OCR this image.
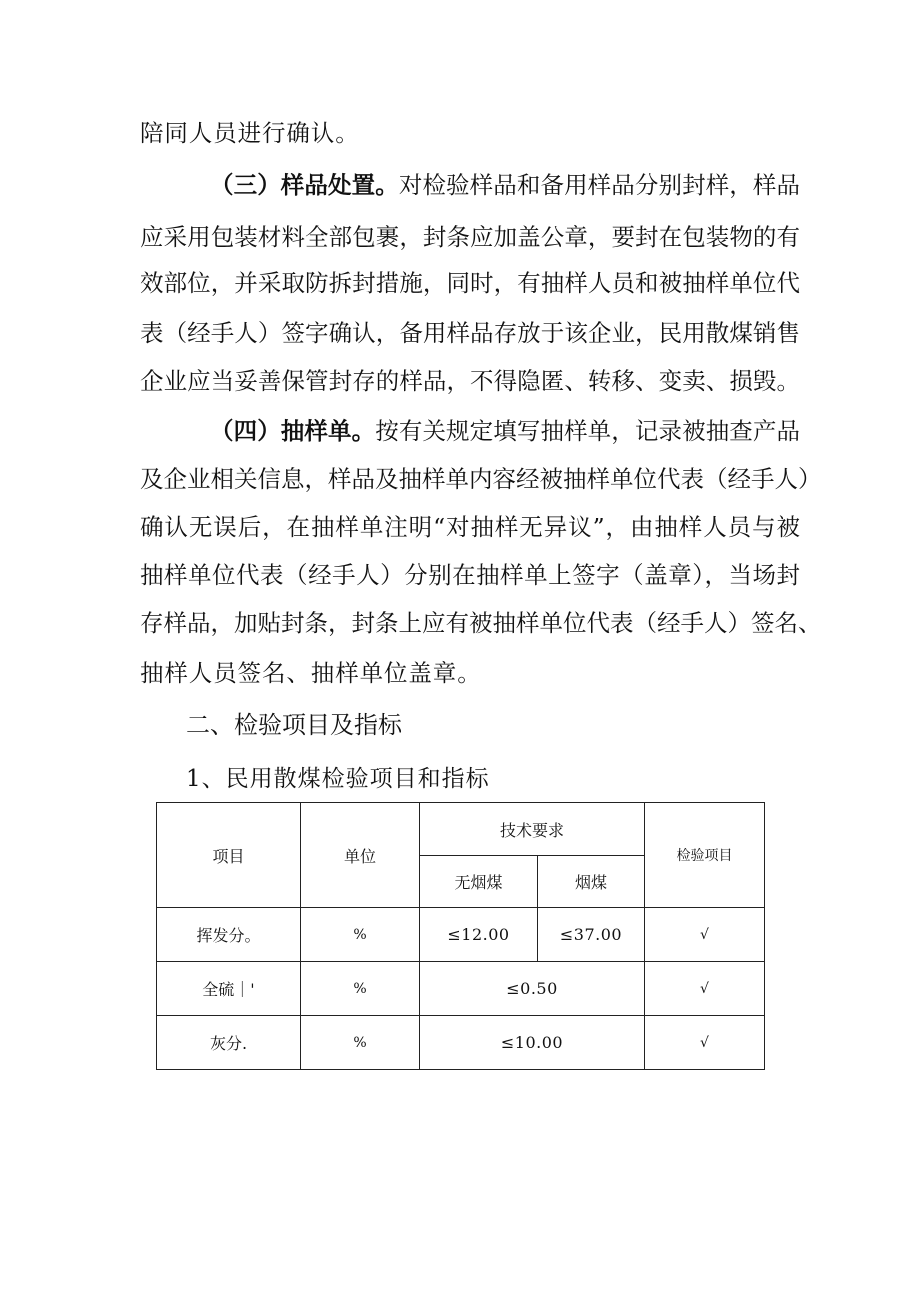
陪同人员进行确认。
（三）样品处置。对检验样品和备用样品分别封样，样品
应采用包装材料全部包裹，封条应加盖公章，要封在包装物的有
效部位，并采取防拆封措施，同时，有抽样人员和被抽样单位代
表（经手人）签字确认，备用样品存放于该企业，民用散煤销售
企业应当妥善保管封存的样品，不得隐匿、转移、变卖、损毁。
（四）抽样单。按有关规定填写抽样单，记录被抽查产品
及企业相关信息，样品及抽样单内容经被抽样单位代表（经手人）
确认无误后，在抽样单注明“对抽样无异议”，由抽样人员与被
抽样单位代表（经手人）分别在抽样单上签字（盖章），当场封
存样品，加贴封条，封条上应有被抽样单位代表（经手人）签名、
抽样人员签名、抽样单位盖章。
二、检验项目及指标
1、民用散煤检验项目和指标
项目	单位	技术要求		检验项目
		无烟煤	烟煤	
挥发分。	%	≤12.00	≤37.00	√
全硫｜'	%	≤0.50		√
灰分.	%	≤10.00		√
